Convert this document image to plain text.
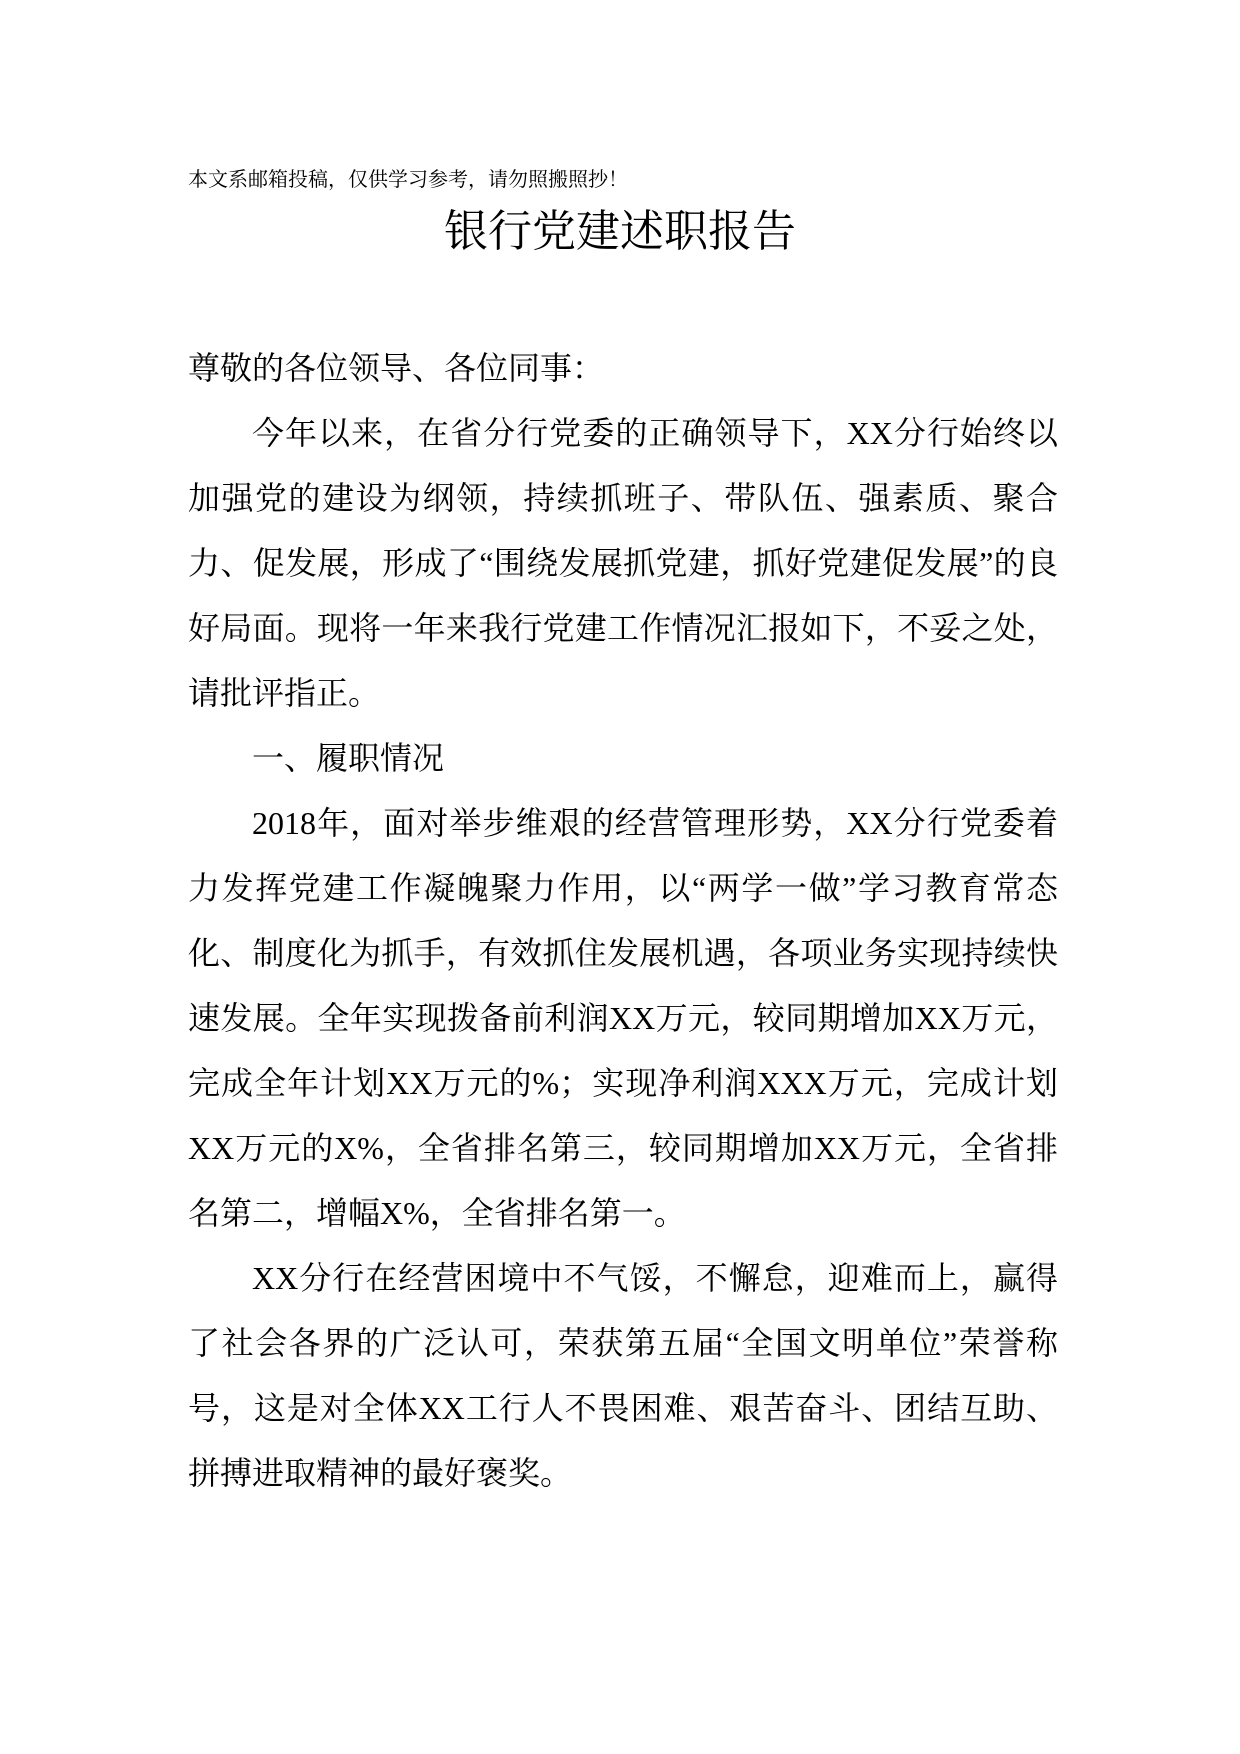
本文系邮箱投稿，仅供学习参考，请勿照搬照抄！
银行党建述职报告

尊敬的各位领导、各位同事：

今年以来，在省分行党委的正确领导下，XX分行始终以加强党的建设为纲领，持续抓班子、带队伍、强素质、聚合力、促发展，形成了“围绕发展抓党建，抓好党建促发展”的良好局面。现将一年来我行党建工作情况汇报如下，不妥之处，请批评指正。

一、履职情况

2018年，面对举步维艰的经营管理形势，XX分行党委着力发挥党建工作凝魄聚力作用，以“两学一做”学习教育常态化、制度化为抓手，有效抓住发展机遇，各项业务实现持续快速发展。全年实现拨备前利润XX万元，较同期增加XX万元，完成全年计划XX万元的%；实现净利润XXX万元，完成计划XX万元的X%，全省排名第三，较同期增加XX万元，全省排名第二，增幅X%，全省排名第一。

XX分行在经营困境中不气馁，不懈怠，迎难而上，赢得了社会各界的广泛认可，荣获第五届“全国文明单位”荣誉称号，这是对全体XX工行人不畏困难、艰苦奋斗、团结互助、拼搏进取精神的最好褒奖。
